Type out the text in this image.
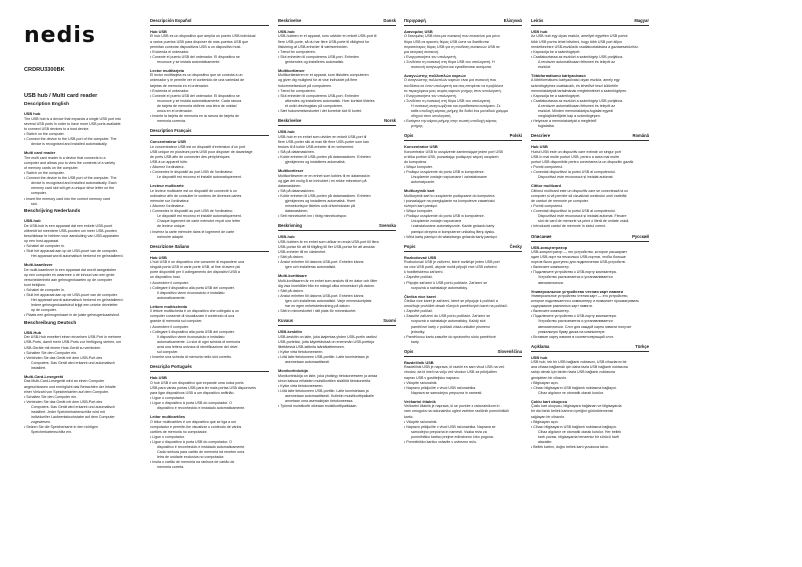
nedis
CRDRU3300BK
USB hub / Multi card reader
Description English
USB hub
The USB hub is a device that expands a single USB port into
several USB ports in order to have more USB ports available
to connect USB devices to a host device.
• Switch on the computer.
• Connect the device to the USB port of the computer. The
device is recognised and installed automatically.
Multi card reader
The multi card reader is a device that connects to a
computer and allows you to view the contents of a variety
of memory cards on the computer.
• Switch on the computer.
• Connect the device to the USB port of the computer. The
device is recognised and installed automatically. Each
memory card slot will get a unique drive letter on the
computer.
• Insert the memory card into the correct memory card
slot.
Beschrijving Nederlands
USB-hub
De USB-hub is een apparaat dat een enkele USB-poort
uitbreidt tot meerdere USB-poorten om meer USB-poorten
beschikbaar te hebben voor aansluiting van USB-apparaten
op een host-apparaat.
• Schakel de computer in.
• Sluit het apparaat aan op de USB-poort van de computer.
Het apparaat wordt automatisch herkend en geïnstalleerd.
Multi-kaartlezer
De multi-kaartlezer is een apparaat dat wordt aangesloten
op een computer en waarmee u de inhoud van een grote
verscheidenheid aan geheugenkaarten op de computer
kunt bekijken.
• Schakel de computer in.
• Sluit het apparaat aan op de USB-poort van de computer.
Het apparaat wordt automatisch herkend en geïnstalleerd.
Iedere geheugenkaartsleuf krijgt een unieke driveletter
op de computer.
• Plaats een geheugenkaart in de juiste geheugenkaartsleuf.
Beschreibung Deutsch
USB-Hub
Der USB-Hub erweitert einen einzelnen USB-Port in mehrere
USB-Ports, damit mehr USB-Ports zur Verfügung stehen, um
USB-Geräte mit einem Host-Gerät zu verbinden.
• Schalten Sie den Computer ein.
• Verbinden Sie das Gerät mit dem USB-Port des
Computers. Das Gerät wird erkannt und automatisch
installiert.
Multi-Card-Lesegerät
Das Multi-Card-Lesegerät wird an einen Computer
angeschlossen und ermöglicht das Betrachten der Inhalte
einer Vielzahl von Speicherkarten auf dem Computer.
• Schalten Sie den Computer ein.
• Verbinden Sie das Gerät mit dem USB-Port des
Computers. Das Gerät wird erkannt und automatisch
installiert. Jeder Speicherkartenschlitz wird mit
individueller Laufwerksbuchstabe auf dem Computer
zugewiesen.
• Setzen Sie die Speicherkarte in den richtigen
Speicherkartenschlitz ein.
Descripción Español
Hub USB
El hub USB es un dispositivo que amplía un puerto USB individual
a varios puertos USB para disponer de más puertos USB que
permitan conectar dispositivos USB a un dispositivo host.
• Encienda el ordenador.
• Conecte el puerto USB del ordenador. El dispositivo se
reconoce y se instala automáticamente.
Lector multitarjeta
El lector multitarjeta es un dispositivo que se conecta a un
ordenador y le permite ver el contenido de una variedad de
tarjetas de memoria en el ordenador.
• Encienda el ordenador.
• Conecte el puerto USB del ordenador. El dispositivo se
reconoce y se instala automáticamente. Cada ranura
de tarjeta de memoria obtiene una letra de unidad
única en el ordenador.
• Inserte la tarjeta de memoria en la ranura de tarjeta de
memoria correcta.
Description Français
Concentrateur USB
Le concentrateur USB est un dispositif d'extension d'un port
USB unique en plusieurs ports USB pour disposer de davantage
de ports USB afin de connecter des périphériques
USB à un appareil hôte.
• Allumez l'ordinateur.
• Connectez le dispositif au port USB de l'ordinateur.
Le dispositif est reconnu et installé automatiquement.
Lecteur multicarte
Le lecteur multicarte est un dispositif de connecté à un
ordinateur afin de consulter le contenu de diverses cartes
mémoire sur l'ordinateur.
• Allumez l'ordinateur.
• Connectez le dispositif au port USB de l'ordinateur.
Le dispositif est reconnu et installé automatiquement.
Chaque logement de carte mémoire reçoit une lettre
de lecteur unique.
• Insérez la carte mémoire dans le logement de carte
mémoire adapté.
Descrizione Italiano
Hub USB
L'hub USB è un dispositivo che consente di espandere una
singola porta USB in varie porte USB, al fine di avere più
porte disponibili per il collegamento dei dispositivi USB a
un dispositivo host.
• Accendere il computer.
• Collegare il dispositivo alla porta USB del computer.
Il dispositivo viene riconosciuto e installato
automaticamente.
Lettore multischeda
Il lettore multischeda è un dispositivo che collegato a un
computer consente di visualizzare il contenuto di una
grande di memoria sul computer.
• Accendere il computer.
• Collegare il dispositivo alla porta USB del computer.
Il dispositivo viene riconosciuto e installato
automaticamente. Lo slot di ogni scheda di memoria
avrà una lettera univoca di identificazione del drive
sul computer.
• Inserire una scheda di memoria nello slot corretto.
Descrição Português
Hub USB
O hub USB é um dispositivo que expande uma única porta
USB para várias portas USB para ter mais portas USB disponíveis
para ligar dispositivos USB a um dispositivo anfitrião.
• Ligue o computador.
• Ligue o dispositivo à porta USB do computador. O
dispositivo é reconhecido e instalado automaticamente.
Leitor multicartões
O leitor multicartões é um dispositivo que se liga a um
computador e permite-lhe visualizar o conteúdo de vários
cartões de memoria no computador.
• Ligue o computador.
• Ligue o dispositivo à porta USB do computador. O
dispositivo é reconhecido e instalado automaticamente.
Cada ranhura para cartão de memória irá receber uma
letra de unidade exclusiva no computador.
• Insira o cartão de memória na ranhura de cartão de
memória correta.
Beskrivelse	Dansk
USB-hub
USB-hubben er et apparat, som udvider en enkelt USB-port til
flere USB-porte, så du har flere USB-porte til rådighed for
tilslutning af USB-enheder til værtsenheden.
• Tænd for computeren.
• Slut enheden til computerens USB-port. Enheden
genkendes og installeres automatisk.
Multikortlæser
Multikortlæseren er et apparat, som tilsluttes computeren
og giver dig mulighed for at vise indholdet på flere
hukommelseskort på computeren.
• Tænd for computeren.
• Slut enheden til computerens USB-port. Enheden
afkendes og installeres automatisk. Hver kortslot tildeles
et unikt drevbogstav på computeren.
• Sæt hukommelseskortet i det korrekte slot til kortet.
Beskrivelse	Norsk
USB-hub
USB-hub er en enhet som utvider en enkelt USB-port til
flere USB-porter slik at man får flere USB-porter som kan
brukes til å koble USB-enheter til en vertsenhet.
• Slå på datamaskinen.
• Koble enheten til USB-porten på datamaskinen. Enheten
gjenkjennes og installeres automatisk.
Multikortleser
Multikortleseren er en enhet som kobles til en datamaskin
og gjør det mulig å se innholdet i en rekke minnekort på
datamaskinen.
• Slå på datamaskinen.
• Koble enheten til USB-porten på datamaskinen. Enheten
gjenkjennes og installeres automatisk. Hvert
minnekortspor tildeles unik driverbokstav på
datamaskinen.
• Sett minnekortet inn i riktig minnekortspor.
Beskrivning	Svenska
USB-hub
USB-hubben är en enhet som utökar en enda USB-port till flera
USB-portar för att få tillgång till fler USB-portar för att ansluta
USB-enheter till en värdenhet.
• Sätt på datorn.
• Anslut enheten till datorns USB-port. Enheten känns
igen och installeras automatiskt.
Multi-kortläsare
Multi-kortläsaren är en enhet som ansluts till en dator och låter
dig visa innehållet från en mängd olika minneskort på datorn.
• Sätt på datorn.
• Anslut enheten till datorns USB-port. Enheten känns
igen och installeras automatiskt. Varje minneskortplats
har en egen enhetsbeteckning på datorn.
• Sätt in minneskortet i rätt plats för minneskortet.
Kuvaus	Suomi
USB-keskitin
USB-keskitin on laite, joka laajentaa yhden USB-portin useiksi
USB-porteiksi, jotta käytettävissä on enemmän USB-portteja
liitettäessä USB-laitteita isäntälaitteeseen.
• Kytke virta tietokoneeseen.
• Liitä laite tietokoneen USB-porttiin. Laite tunnistetaan ja
asennetaan automaattisesti.
Monikortinlukija
Monikortinlukija on laite, joka yhdistyy tietokoneeseen ja antaa
sinun katsoa erilaisten muistikorttien sisältöä tietokoneella.
• Kytke virta tietokoneeseen.
• Liitä laite tietokoneen USB-porttiin. Laite tunnistetaan ja
asennetaan automaattisesti. Kullekin muistikorttipaikalle
annetaan oma asemakirjain tietokoneessa.
• Työnnä muistikortti oikeaan muistikorttipaikkaan.
Περιγραφή	Ελληνικά
Διανομέας USB
Ο διανομέας USB είναι μια συσκευή που επεκτείνει μια μόνο
θύρα USB σε αρκετές θύρες USB ώστε να διατίθενται
περισσότερες θύρες USB για τη σύνδεση συσκευών USB σε
μια κεντρική συσκευή.
• Ενεργοποιήστε τον υπολογιστή.
• Συνδέστε τη συσκευή στη θύρα USB του υπολογιστή. Η
συσκευή αναγνωρίζεται και εγκαθίσταται αυτόματα.
Αναγνώστης πολλαπλών καρτών
Ο αναγνώστης πολλαπλών καρτών είναι μια συσκευή που
συνδέεται σε έναν υπολογιστή και σας επιτρέπει να προβάλετε
τα περιεχόμενα μιας σειράς καρτών μνήμης στον υπολογιστή.
• Ενεργοποιήστε τον υπολογιστή.
• Συνδέστε τη συσκευή στη θύρα USB του υπολογιστή.
Η συσκευή αναγνωρίζεται και εγκαθίσταται αυτόματα. Σε
κάθε υποδοχή κάρτας μνήμης θα δοθεί ένα μοναδικό γράμμα
οδηγού στον υπολογιστή.
• Εισάγετε την κάρτα μνήμης στην σωστή υποδοχή κάρτας
μνήμης.
Opis	Polski
Koncentrator USB
Koncentrator USB to urządzenie zamieniające jeden port USB
w kilka portów USB, pozwalając podłączyć więcej urządzeń
do komputera.
• Włącz komputer.
• Podłącz urządzenie do portu USB w komputerze.
Urządzenie zostaje rozpoznane i zainstalowane
automatycznie.
Multiczytnik kart
Multiczytnik kart to urządzenie podłączane do komputera
i pozwalające na przeglądanie na komputerze zawartości
różnych kart pamięci.
• Włącz komputer.
• Podłącz urządzenie do portu USB w komputerze.
Urządzenie zostaje rozpoznane
i zainstalowane automatycznie. Każde gniazdo karty
pamięci otrzyma w komputerze unikalną literę dysku.
• Włóż kartę pamięci do właściwego gniazda karty pamięci.
Popis	Česky
Rozbočovač USB
Rozbočovač USB je zařízení, které rozšiřuje jeden USB port
na více USB portů, abyste mohli připojit více USB zařízení
k hostitelskému zařízení.
• Zapněte počítač.
• Připojte zařízení k USB portu počítače. Zařízení se
rozpozná a nainstaluje automaticky.
Čtečka více karet
Čtečka více karet je zařízení, které se připojuje k počítači a
umožňuje prohlížet obsah různých paměťových karet na počítači.
• Zapněte počítač.
• Zasuňte zařízení do USB portu počítače. Zařízení se
rozpozná a nainstaluje automaticky. Každý slot
paměťové karty v počítači získá unikátní písmeno
jednotky.
• Paměťovou kartu zasuňte do správného slotu paměťové
karty.
Opis	Slovenščina
Razdelilnik USB
Razdelilnik USB je naprava, ki razširi en sam vhod USB na več
vhodov, da bi imeli na voljo več vhodov USB za priključitev
naprav USB v gostiteljsko napravo.
• Vklopite računalnik.
• Napravo priključite v vhod USB računalnika.
Naprava se samodejno prepozna in namesti.
Večkartni čitalnik
Večkartni čitalnik je naprava, ki se poveže z računalnikom in
vam omogoča na računalniku ogled vsebine različnih pomnilniških
kartic.
• Vklopite računalnik.
• Napravo priključite v vhod USB računalnika. Naprava se
samodejno prepozna in namesti. Vsaka reža za
pomnilniško kartico prejme edinstveno črko pogona.
• Pomnilniško kartico vstavite v ustrezno režo.
Leírás	Magyar
USB hub
Az USB hub egy olyan eszköz, amellyel egyetlen USB portot
több USB portra lehet bővíteni, hogy több USB port álljon
rendelkezésre USB-eszközök csatlakoztatására a gazdaeszközhöz.
• Kapcsolja be a számítógépet.
• Csatlakoztassa az eszközt a számítógép USB portjához.
A rendszer automatikusan felismeri és telepíti az
eszközt.
Többformátumú kártyaolvasó
A többformátumú kártyaolvasó olyan eszköz, amely egy
számítógéphez csatlakozik, és lehetővé teszi különféle
memóriakártyák tartalmának megtekintését a számítógépen.
• Kapcsolja be a számítógépet.
• Csatlakoztassa az eszközt a számítógép USB portjához.
A rendszer automatikusan felismeri és telepíti az
eszközt. Minden memóriakártya-foglalat egyedi
meghajtóbetűjelet kap a számítógépen.
• Helyezze a memóriakártyát a megfelelő
foglalatba.
Descriere	Română
Hub USB
Hubul USB este un dispozitiv care extinde un singur port
USB în mai multe porturi USB, pentru a avea mai multe
porturi USB disponibile pentru conectarea la un dispozitiv gazdă.
• Porniți computerul.
• Conectați dispozitivul la portul USB al computerului.
Dispozitivul este recunoscut și instalat automat.
Cititor multicard
Cititorul multicard este un dispozitiv care se conectează la un
computer și vă permite să vizualizați conținutul unei varietăți
de carduri de memorie pe computer.
• Porniți computerul.
• Conectați dispozitivul la portul USB al computerului.
Dispozitivul este recunoscut și instalat automat. Fiecare
slot de card de memorie va primi o literă de unitate unică.
• Introduceți cardul de memorie în slotul corect.
Описание	Русский
USB-концентратор
USB-концентратор — это устройство, которое расширяет
один USB-порт на несколько USB-портов, чтобы больше
портов было доступно для подключения USB-устройств.
• Включите компьютер.
• Подключите устройство к USB-порту компьютера.
Устройство распознается и устанавливается
автоматически.
Универсальное устройство чтения карт памяти
Универсальное устройство чтения карт — это устройство,
которое подключается к компьютеру и позволяет просматривать
содержимое различных карт памяти.
• Включите компьютер.
• Подключите устройство к USB-порту компьютера.
Устройство распознается и устанавливается
автоматически. Слот для каждой карты памяти получит
уникальную букву диска на компьютере.
• Вставьте карту памяти в соответствующий слот.
Açıklama	Türkçe
USB hub
USB hub, tek bir USB bağlantı noktasını, USB cihazlarını bir
ana cihaza bağlamak için daha fazla USB bağlantı noktasına
sahip olmak için birden fazla USB bağlantı noktasına
genişleten bir cihazdır.
• Bilgisayarı açın.
• Cihazı bilgisayarın USB bağlantı noktasına bağlayın.
Cihaz algılanır ve otomatik olarak kurulur.
Çoklu kart okuyucu
Çoklu kart okuyucu, bilgisayara bağlanan ve bilgisayarda
bir dizi farklı bellek kartının içeriğini görüntülemenizi
sağlayan bir cihazdır.
• Bilgisayarı açın.
• Cihazı bilgisayarın USB bağlantı noktasına bağlayın.
Cihaz algılanır ve otomatik olarak kurulur. Her bellek
kartı yuvası, bilgisayarda benzersiz bir sürücü harfi
alacaktır.
• Bellek kartını, doğru bellek kartı yuvasına takın.
